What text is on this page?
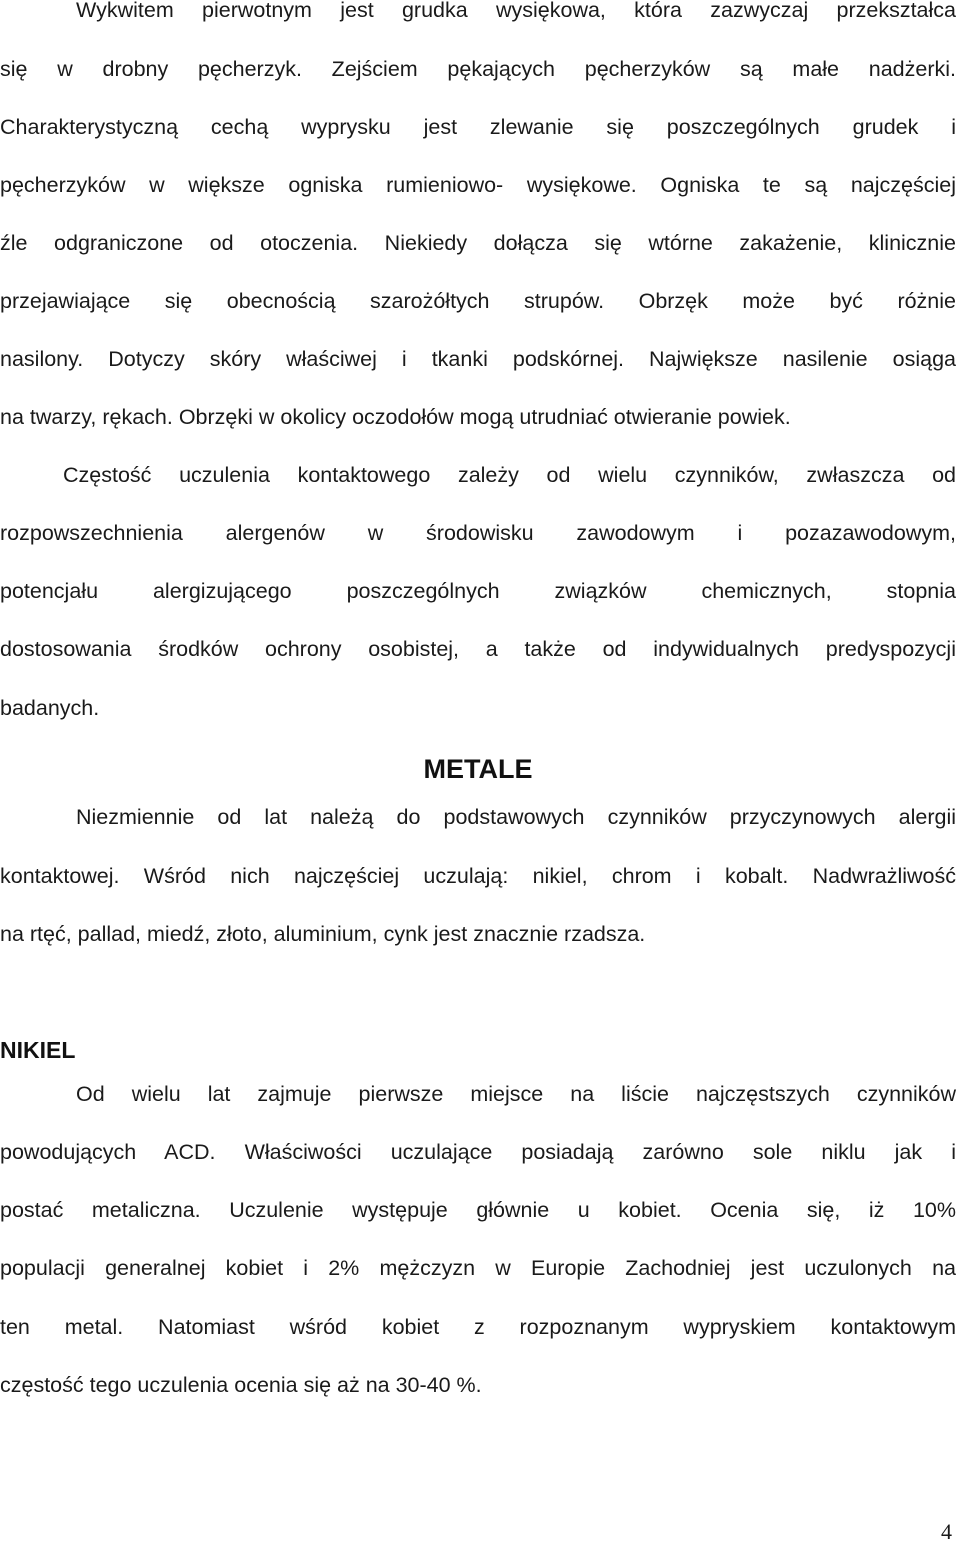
Wykwitem pierwotnym jest grudka wysiękowa, która zazwyczaj przekształca
się w drobny pęcherzyk. Zejściem pękających pęcherzyków są małe nadżerki.
Charakterystyczną cechą wyprysku jest zlewanie się poszczególnych grudek i
pęcherzyków w większe ogniska rumieniowo- wysiękowe. Ogniska te są najczęściej
źle odgraniczone od otoczenia. Niekiedy dołącza się wtórne zakażenie, klinicznie
przejawiające się obecnością szarożółtych strupów. Obrzęk może być różnie
nasilony. Dotyczy skóry właściwej i tkanki podskórnej. Największe nasilenie osiąga
na twarzy, rękach. Obrzęki w okolicy oczodołów mogą utrudniać otwieranie powiek.
Częstość uczulenia kontaktowego zależy od wielu czynników, zwłaszcza od
rozpowszechnienia alergenów w środowisku zawodowym i pozazawodowym,
potencjału alergizującego poszczególnych związków chemicznych, stopnia
dostosowania środków ochrony osobistej, a także od indywidualnych predyspozycji
badanych.
METALE
Niezmiennie od lat należą do podstawowych czynników przyczynowych alergii
kontaktowej. Wśród nich najczęściej uczulają: nikiel, chrom i kobalt. Nadwrażliwość
na rtęć, pallad, miedź, złoto, aluminium, cynk jest znacznie rzadsza.
NIKIEL
Od wielu lat zajmuje pierwsze miejsce na liście najczęstszych czynników
powodujących ACD. Właściwości uczulające posiadają zarówno sole niklu jak i
postać metaliczna. Uczulenie występuje głównie u kobiet. Ocenia się, iż 10%
populacji generalnej kobiet i 2% mężczyzn w Europie Zachodniej jest uczulonych na
ten metal. Natomiast wśród kobiet z rozpoznanym wypryskiem kontaktowym
częstość tego uczulenia ocenia się aż na 30-40 %.
4
